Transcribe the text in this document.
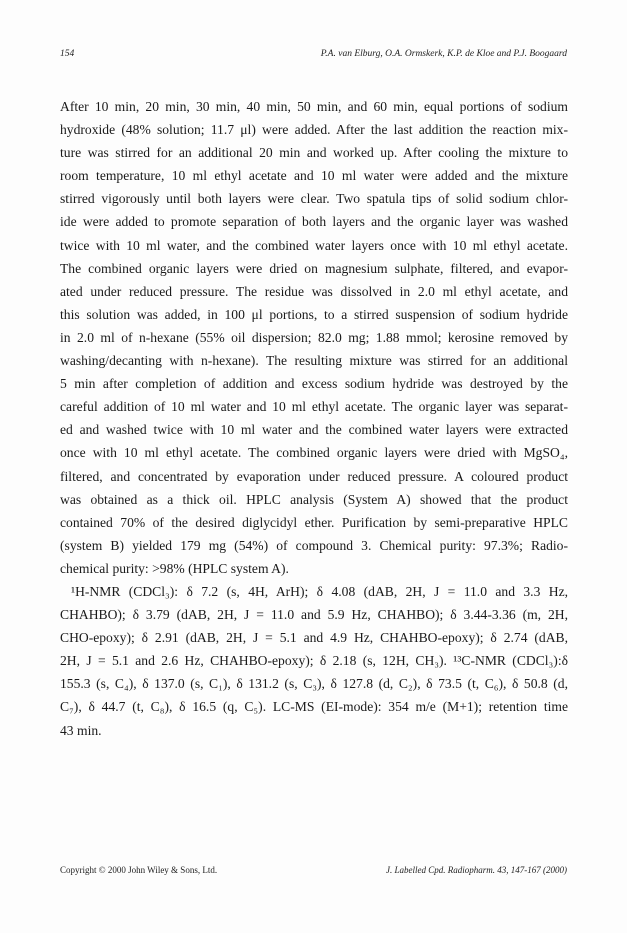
154	P.A. van Elburg, O.A. Ormskerk, K.P. de Kloe and P.J. Boogaard
After 10 min, 20 min, 30 min, 40 min, 50 min, and 60 min, equal portions of sodium
hydroxide (48% solution; 11.7 μl) were added. After the last addition the reaction mix-
ture was stirred for an additional 20 min and worked up. After cooling the mixture to
room temperature, 10 ml ethyl acetate and 10 ml water were added and the mixture
stirred vigorously until both layers were clear. Two spatula tips of solid sodium chlor-
ide were added to promote separation of both layers and the organic layer was washed
twice with 10 ml water, and the combined water layers once with 10 ml ethyl acetate.
The combined organic layers were dried on magnesium sulphate, filtered, and evapor-
ated under reduced pressure. The residue was dissolved in 2.0 ml ethyl acetate, and
this solution was added, in 100 μl portions, to a stirred suspension of sodium hydride
in 2.0 ml of n-hexane (55% oil dispersion; 82.0 mg; 1.88 mmol; kerosine removed by
washing/decanting with n-hexane). The resulting mixture was stirred for an additional
5 min after completion of addition and excess sodium hydride was destroyed by the
careful addition of 10 ml water and 10 ml ethyl acetate. The organic layer was separat-
ed and washed twice with 10 ml water and the combined water layers were extracted
once with 10 ml ethyl acetate. The combined organic layers were dried with MgSO₄,
filtered, and concentrated by evaporation under reduced pressure. A coloured product
was obtained as a thick oil. HPLC analysis (System A) showed that the product
contained 70% of the desired diglycidyl ether. Purification by semi-preparative HPLC
(system B) yielded 179 mg (54%) of compound 3. Chemical purity: 97.3%; Radio-
chemical purity: >98% (HPLC system A).
¹H-NMR (CDCl₃): δ 7.2 (s, 4H, ArH); δ 4.08 (dAB, 2H, J = 11.0 and 3.3 Hz,
CHAHBO); δ 3.79 (dAB, 2H, J = 11.0 and 5.9 Hz, CHAHBO); δ 3.44-3.36 (m, 2H,
CHO-epoxy); δ 2.91 (dAB, 2H, J = 5.1 and 4.9 Hz, CHAHBO-epoxy); δ 2.74 (dAB,
2H, J = 5.1 and 2.6 Hz, CHAHBO-epoxy); δ 2.18 (s, 12H, CH₃). ¹³C-NMR (CDCl₃):δ
155.3 (s, C₄), δ 137.0 (s, C₁), δ 131.2 (s, C₃), δ 127.8 (d, C₂), δ 73.5 (t, C₆), δ 50.8 (d,
C₇), δ 44.7 (t, C₈), δ 16.5 (q, C₅). LC-MS (EI-mode): 354 m/e (M+1); retention time
43 min.
Copyright © 2000 John Wiley & Sons, Ltd.	J. Labelled Cpd. Radiopharm. 43, 147-167 (2000)
